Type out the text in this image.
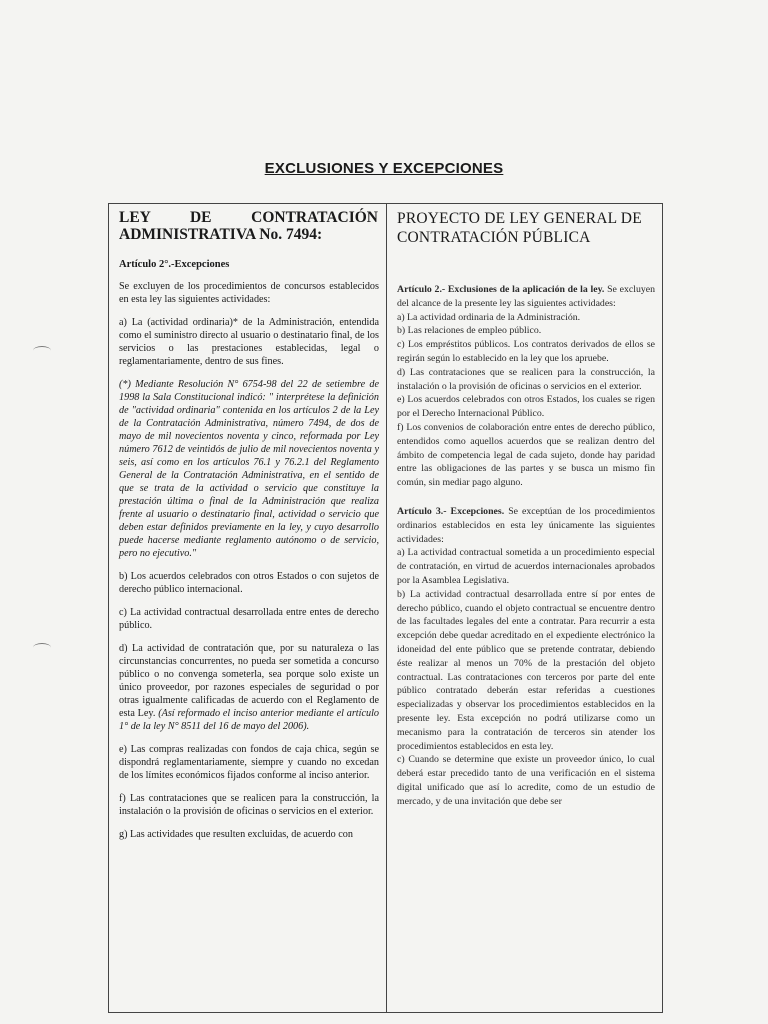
EXCLUSIONES Y EXCEPCIONES
LEY DE CONTRATACIÓN
ADMINISTRATIVA No. 7494:
Artículo 2°.-Excepciones
Se excluyen de los procedimientos de concursos establecidos en esta ley las siguientes actividades:
a) La (actividad ordinaria)* de la Administración, entendida como el suministro directo al usuario o destinatario final, de los servicios o las prestaciones establecidas, legal o reglamentariamente, dentro de sus fines.
(*) Mediante Resolución N° 6754-98 del 22 de setiembre de 1998 la Sala Constitucional indicó: " interprétese la definición de "actividad ordinaria" contenida en los artículos 2 de la Ley de la Contratación Administrativa, número 7494, de dos de mayo de mil novecientos noventa y cinco, reformada por Ley número 7612 de veintidós de julio de mil novecientos noventa y seis, así como en los artículos 76.1 y 76.2.1 del Reglamento General de la Contratación Administrativa, en el sentido de que se trata de la actividad o servicio que constituye la prestación última o final de la Administración que realiza frente al usuario o destinatario final, actividad o servicio que deben estar definidos previamente en la ley, y cuyo desarrollo puede hacerse mediante reglamento autónomo o de servicio, pero no ejecutivo."
b) Los acuerdos celebrados con otros Estados o con sujetos de derecho público internacional.
c) La actividad contractual desarrollada entre entes de derecho público.
d) La actividad de contratación que, por su naturaleza o las circunstancias concurrentes, no pueda ser sometida a concurso público o no convenga someterla, sea porque solo existe un único proveedor, por razones especiales de seguridad o por otras igualmente calificadas de acuerdo con el Reglamento de esta Ley. (Así reformado el inciso anterior mediante el artículo 1° de la ley N° 8511 del 16 de mayo del 2006).
e) Las compras realizadas con fondos de caja chica, según se dispondrá reglamentariamente, siempre y cuando no excedan de los límites económicos fijados conforme al inciso anterior.
f) Las contrataciones que se realicen para la construcción, la instalación o la provisión de oficinas o servicios en el exterior.
g) Las actividades que resulten excluidas, de acuerdo con

PROYECTO DE LEY GENERAL DE CONTRATACIÓN PÚBLICA
Artículo 2.- Exclusiones de la aplicación de la ley. Se excluyen del alcance de la presente ley las siguientes actividades:
a) La actividad ordinaria de la Administración.
b) Las relaciones de empleo público.
c) Los empréstitos públicos. Los contratos derivados de ellos se regirán según lo establecido en la ley que los apruebe.
d) Las contrataciones que se realicen para la construcción, la instalación o la provisión de oficinas o servicios en el exterior.
e) Los acuerdos celebrados con otros Estados, los cuales se rigen por el Derecho Internacional Público.
f) Los convenios de colaboración entre entes de derecho público, entendidos como aquellos acuerdos que se realizan dentro del ámbito de competencia legal de cada sujeto, donde hay paridad entre las obligaciones de las partes y se busca un mismo fin común, sin mediar pago alguno.
Artículo 3.- Excepciones. Se exceptúan de los procedimientos ordinarios establecidos en esta ley únicamente las siguientes actividades:
a) La actividad contractual sometida a un procedimiento especial de contratación, en virtud de acuerdos internacionales aprobados por la Asamblea Legislativa.
b) La actividad contractual desarrollada entre sí por entes de derecho público, cuando el objeto contractual se encuentre dentro de las facultades legales del ente a contratar. Para recurrir a esta excepción debe quedar acreditado en el expediente electrónico la idoneidad del ente público que se pretende contratar, debiendo éste realizar al menos un 70% de la prestación del objeto contractual. Las contrataciones con terceros por parte del ente público contratado deberán estar referidas a cuestiones especializadas y observar los procedimientos establecidos en la presente ley. Esta excepción no podrá utilizarse como un mecanismo para la contratación de terceros sin atender los procedimientos establecidos en esta ley.
c) Cuando se determine que existe un proveedor único, lo cual deberá estar precedido tanto de una verificación en el sistema digital unificado que así lo acredite, como de un estudio de mercado, y de una invitación que debe ser
